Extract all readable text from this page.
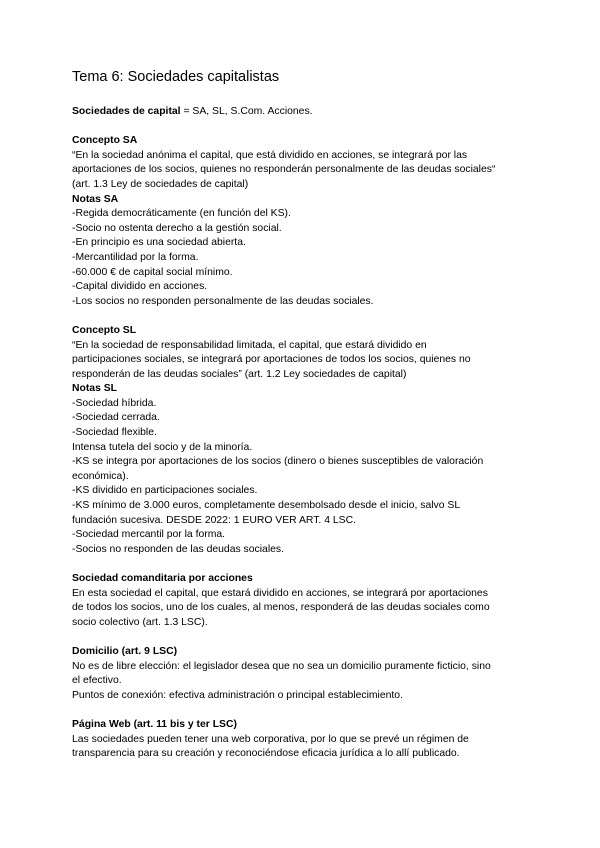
Tema 6: Sociedades capitalistas

Sociedades de capital = SA, SL, S.Com. Acciones.

Concepto SA

“En la sociedad anónima el capital, que está dividido en acciones, se integrará por las

aportaciones de los socios, quienes no responderán personalmente de las deudas sociales“

(art. 1.3 Ley de sociedades de capital)

Notas SA

-Regida democráticamente (en función del KS).

-Socio no ostenta derecho a la gestión social.

-En principio es una sociedad abierta.

-Mercantilidad por la forma.

-60.000 € de capital social mínimo.

-Capital dividido en acciones.

-Los socios no responden personalmente de las deudas sociales.

Concepto SL

“En la sociedad de responsabilidad limitada, el capital, que estará dividido en

participaciones sociales, se integrará por aportaciones de todos los socios, quienes no

responderán de las deudas sociales” (art. 1.2 Ley sociedades de capital)

Notas SL

-Sociedad híbrida.

-Sociedad cerrada.

-Sociedad flexible.

Intensa tutela del socio y de la minoría.

-KS se integra por aportaciones de los socios (dinero o bienes susceptibles de valoración

económica).

-KS dividido en participaciones sociales.

-KS mínimo de 3.000 euros, completamente desembolsado desde el inicio, salvo SL

fundación sucesiva. DESDE 2022: 1 EURO VER ART. 4 LSC.

-Sociedad mercantil por la forma.

-Socios no responden de las deudas sociales.

Sociedad comanditaria por acciones

En esta sociedad el capital, que estará dividido en acciones, se integrará por aportaciones

de todos los socios, uno de los cuales, al menos, responderá de las deudas sociales como

socio colectivo (art. 1.3 LSC).

Domicilio (art. 9 LSC)

No es de libre elección: el legislador desea que no sea un domicilio puramente ficticio, sino

el efectivo.

Puntos de conexión: efectiva administración o principal establecimiento.

Página Web (art. 11 bis y ter LSC)

Las sociedades pueden tener una web corporativa, por lo que se prevé un régimen de

transparencia para su creación y reconociéndose eficacia jurídica a lo allí publicado.
